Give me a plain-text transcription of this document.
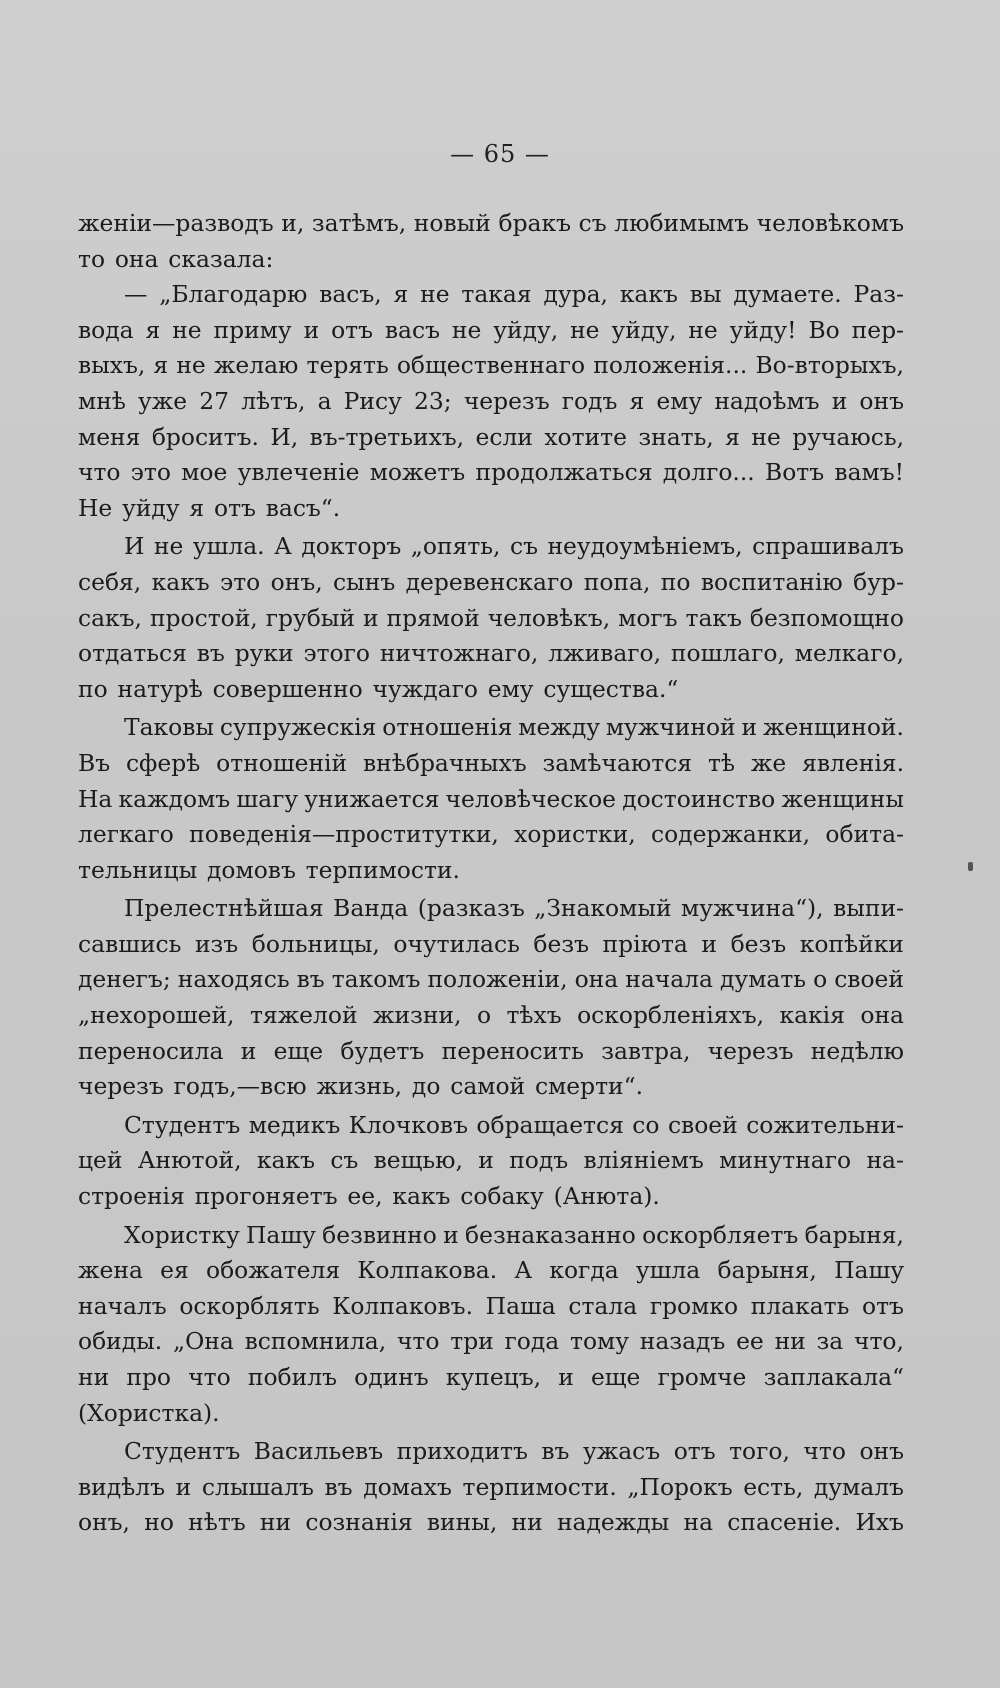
— 65 —
женіи—разводъ и, затѣмъ, новый бракъ съ любимымъ человѣкомъ
то она сказала:
— „Благодарю васъ, я не такая дура, какъ вы думаете. Раз-
вода я не приму и отъ васъ не уйду, не уйду, не уйду! Во пер-
выхъ, я не желаю терять общественнаго положенія... Во-вторыхъ,
мнѣ уже 27 лѣтъ, а Рису 23; черезъ годъ я ему надоѣмъ и онъ
меня броситъ. И, въ-третьихъ, если хотите знать, я не ручаюсь,
что это мое увлеченіе можетъ продолжаться долго... Вотъ вамъ!
Не уйду я отъ васъ“.
И не ушла. А докторъ „опять, съ неудоумѣніемъ, спрашивалъ
себя, какъ это онъ, сынъ деревенскаго попа, по воспитанію бур-
сакъ, простой, грубый и прямой человѣкъ, могъ такъ безпомощно
отдаться въ руки этого ничтожнаго, лживаго, пошлаго, мелкаго,
по натурѣ совершенно чуждаго ему существа.“
Таковы супружескія отношенія между мужчиной и женщиной.
Въ сферѣ отношеній внѣбрачныхъ замѣчаются тѣ же явленія.
На каждомъ шагу унижается человѣческое достоинство женщины
легкаго поведенія—проститутки, хористки, содержанки, обита-
тельницы домовъ терпимости.
Прелестнѣйшая Ванда (разказъ „Знакомый мужчина“), выпи-
савшись изъ больницы, очутилась безъ пріюта и безъ копѣйки
денегъ; находясь въ такомъ положеніи, она начала думать о своей
„нехорошей, тяжелой жизни, о тѣхъ оскорбленіяхъ, какія она
переносила и еще будетъ переносить завтра, черезъ недѣлю
черезъ годъ,—всю жизнь, до самой смерти“.
Студентъ медикъ Клочковъ обращается со своей сожительни-
цей Анютой, какъ съ вещью, и подъ вліяніемъ минутнаго на-
строенія прогоняетъ ее, какъ собаку (Анюта).
Хористку Пашу безвинно и безнаказанно оскорбляетъ барыня,
жена ея обожателя Колпакова. А когда ушла барыня, Пашу
началъ оскорблять Колпаковъ. Паша стала громко плакать отъ
обиды. „Она вспомнила, что три года тому назадъ ее ни за что,
ни про что побилъ одинъ купецъ, и еще громче заплакала“
(Хористка).
Студентъ Васильевъ приходитъ въ ужасъ отъ того, что онъ
видѣлъ и слышалъ въ домахъ терпимости. „Порокъ есть, думалъ
онъ, но нѣтъ ни сознанія вины, ни надежды на спасеніе. Ихъ
